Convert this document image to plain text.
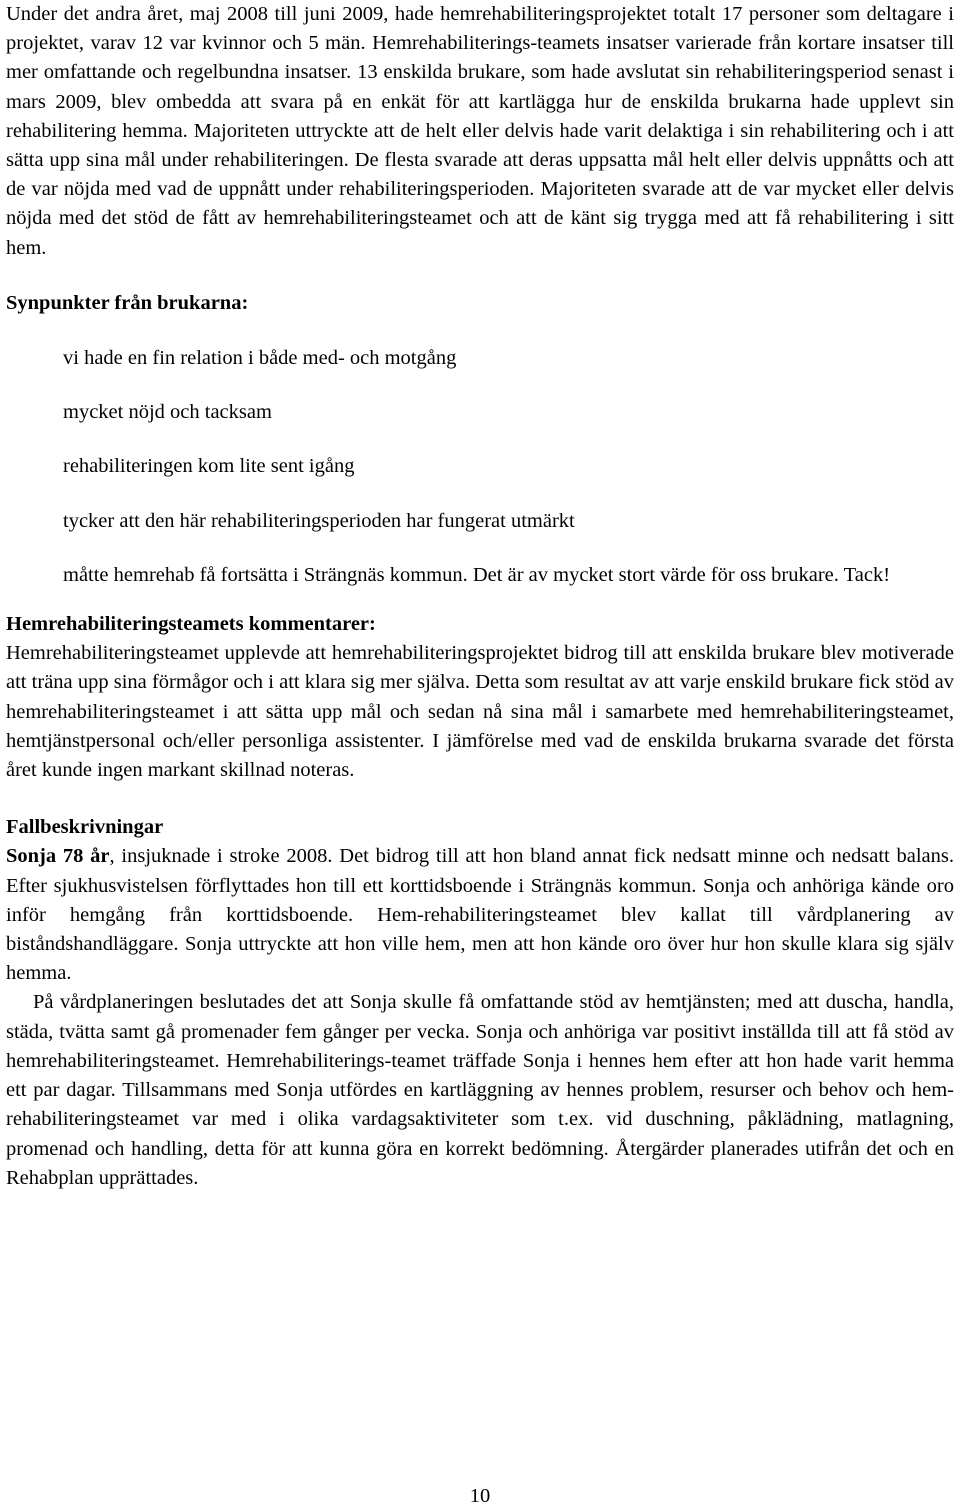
Under det andra året, maj 2008 till juni 2009, hade hemrehabiliteringsprojektet totalt 17 personer som deltagare i projektet, varav 12 var kvinnor och 5 män. Hemrehabiliterings-teamets insatser varierade från kortare insatser till mer omfattande och regelbundna insatser. 13 enskilda brukare, som hade avslutat sin rehabiliteringsperiod senast i mars 2009, blev ombedda att svara på en enkät för att kartlägga hur de enskilda brukarna hade upplevt sin rehabilitering hemma. Majoriteten uttryckte att de helt eller delvis hade varit delaktiga i sin rehabilitering och i att sätta upp sina mål under rehabiliteringen. De flesta svarade att deras uppsatta mål helt eller delvis uppnåtts och att de var nöjda med vad de uppnått under rehabiliteringsperioden. Majoriteten svarade att de var mycket eller delvis nöjda med det stöd de fått av hemrehabiliteringsteamet och att de känt sig trygga med att få rehabilitering i sitt hem.

Synpunkter från brukarna:
vi hade en fin relation i både med- och motgång
mycket nöjd och tacksam
rehabiliteringen kom lite sent igång
tycker att den här rehabiliteringsperioden har fungerat utmärkt
måtte hemrehab få fortsätta i Strängnäs kommun. Det är av mycket stort värde för oss brukare. Tack!
Hemrehabiliteringsteamets kommentarer:

Hemrehabiliteringsteamet upplevde att hemrehabiliteringsprojektet bidrog till att enskilda brukare blev motiverade att träna upp sina förmågor och i att klara sig mer själva. Detta som resultat av att varje enskild brukare fick stöd av hemrehabiliteringsteamet i att sätta upp mål och sedan nå sina mål i samarbete med hemrehabiliteringsteamet, hemtjänstpersonal och/eller personliga assistenter. I jämförelse med vad de enskilda brukarna svarade det första året kunde ingen markant skillnad noteras.

Fallbeskrivningar

Sonja 78 år, insjuknade i stroke 2008. Det bidrog till att hon bland annat fick nedsatt minne och nedsatt balans. Efter sjukhusvistelsen förflyttades hon till ett korttidsboende i Strängnäs kommun. Sonja och anhöriga kände oro inför hemgång från korttidsboende. Hem-rehabiliteringsteamet blev kallat till vårdplanering av biståndshandläggare. Sonja uttryckte att hon ville hem, men att hon kände oro över hur hon skulle klara sig själv hemma.

På vårdplaneringen beslutades det att Sonja skulle få omfattande stöd av hemtjänsten; med att duscha, handla, städa, tvätta samt gå promenader fem gånger per vecka. Sonja och anhöriga var positivt inställda till att få stöd av hemrehabiliteringsteamet. Hemrehabiliterings-teamet träffade Sonja i hennes hem efter att hon hade varit hemma ett par dagar. Tillsammans med Sonja utfördes en kartläggning av hennes problem, resurser och behov och hem-rehabiliteringsteamet var med i olika vardagsaktiviteter som t.ex. vid duschning, påklädning, matlagning, promenad och handling, detta för att kunna göra en korrekt bedömning. Återgärder planerades utifrån det och en Rehabplan upprättades.

10
